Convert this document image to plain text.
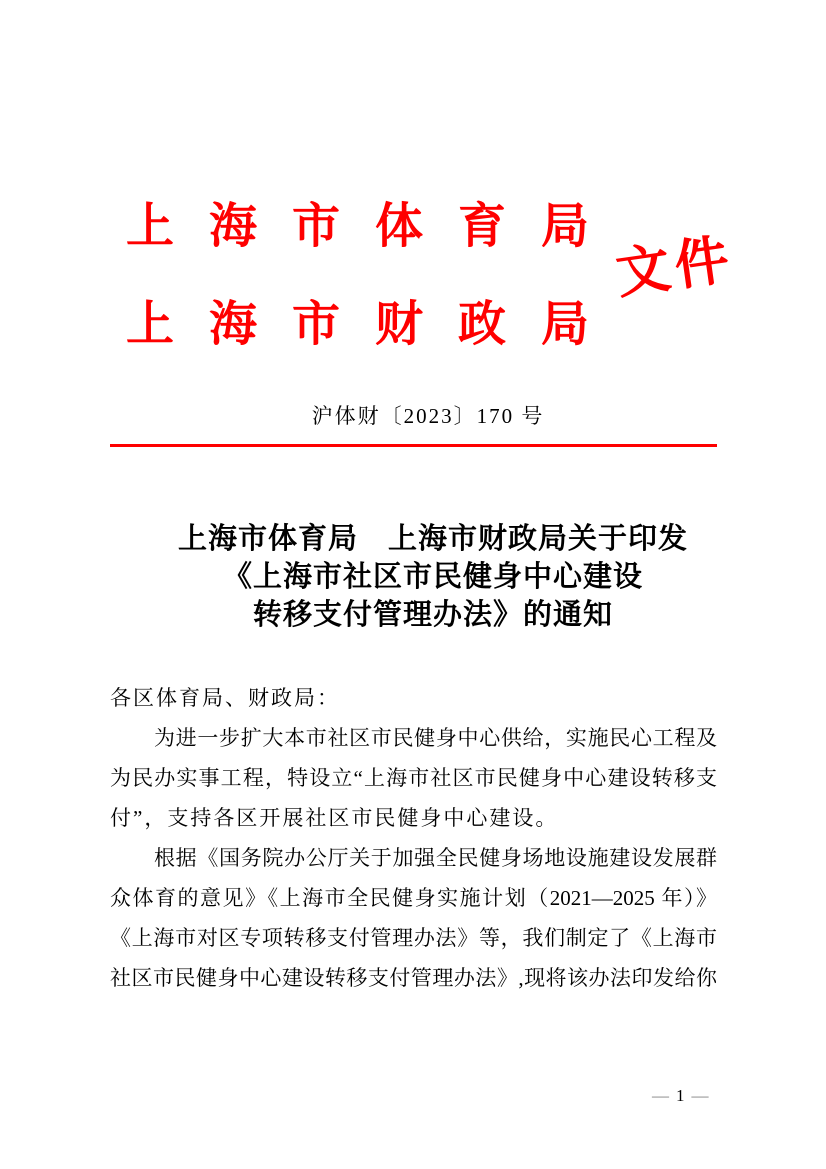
上海市体育局
上海市财政局
文件
沪体财〔2023〕170 号
上海市体育局　上海市财政局关于印发
《上海市社区市民健身中心建设
转移支付管理办法》的通知
各区体育局、财政局：
为进一步扩大本市社区市民健身中心供给，实施民心工程及
为民办实事工程，特设立“上海市社区市民健身中心建设转移支
付”，支持各区开展社区市民健身中心建设。
根据《国务院办公厅关于加强全民健身场地设施建设发展群
众体育的意见》《上海市全民健身实施计划（2021—2025 年）》
《上海市对区专项转移支付管理办法》等，我们制定了《上海市
社区市民健身中心建设转移支付管理办法》,现将该办法印发给你
— 1 —
